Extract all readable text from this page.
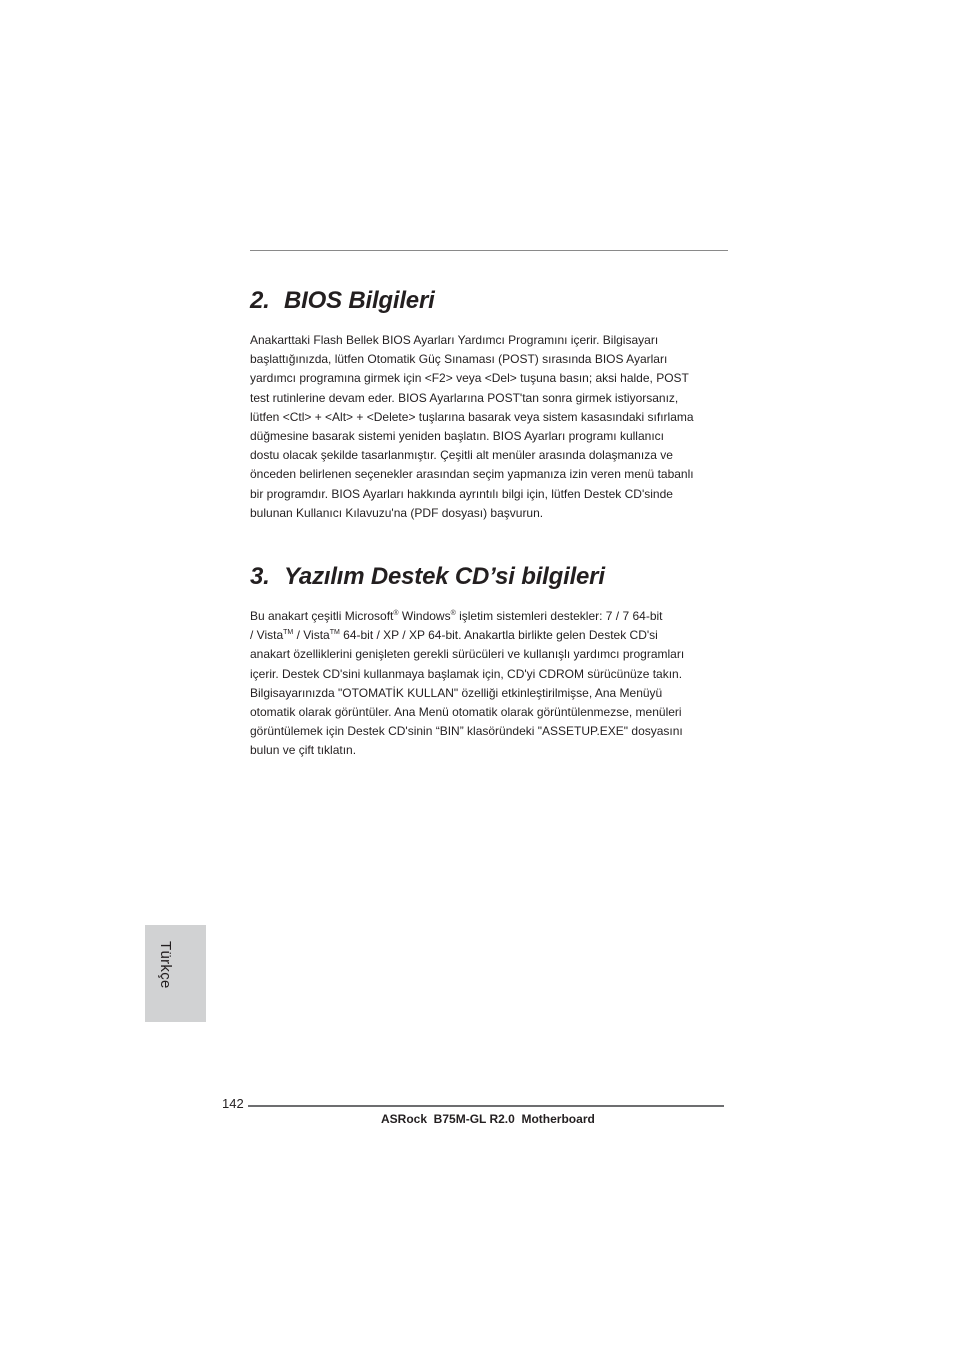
2. BIOS Bilgileri
Anakarttaki Flash Bellek BIOS Ayarları Yardımcı Programını içerir. Bilgisayarı
başlattığınızda, lütfen Otomatik Güç Sınaması (POST) sırasında BIOS Ayarları
yardımcı programına girmek için <F2> veya <Del> tuşuna basın; aksi halde, POST
test rutinlerine devam eder. BIOS Ayarlarına POST'tan sonra girmek istiyorsanız,
lütfen <Ctl> + <Alt> + <Delete> tuşlarına basarak veya sistem kasasındaki sıfırlama
düğmesine basarak sistemi yeniden başlatın. BIOS Ayarları programı kullanıcı
dostu olacak şekilde tasarlanmıştır. Çeşitli alt menüler arasında dolaşmanıza ve
önceden belirlenen seçenekler arasından seçim yapmanıza izin veren menü tabanlı
bir programdır. BIOS Ayarları hakkında ayrıntılı bilgi için, lütfen Destek CD'sinde
bulunan Kullanıcı Kılavuzu'na (PDF dosyası) başvurun.
3. Yazılım Destek CD’si bilgileri
Bu anakart çeşitli Microsoft® Windows® işletim sistemleri destekler: 7 / 7 64-bit
/ Vista™ / Vista™ 64-bit / XP / XP 64-bit. Anakartla birlikte gelen Destek CD'si
anakart özelliklerini genişleten gerekli sürücüleri ve kullanışlı yardımcı programları
içerir. Destek CD'sini kullanmaya başlamak için, CD'yi CDROM sürücünüze takın.
Bilgisayarınızda "OTOMATİK KULLAN" özelliği etkinleştirilmişse, Ana Menüyü
otomatik olarak görüntüler. Ana Menü otomatik olarak görüntülenmezse, menüleri
görüntülemek için Destek CD'sinin “BIN” klasöründeki "ASSETUP.EXE" dosyasını
bulun ve çift tıklatın.
Türkçe
142
ASRock  B75M-GL R2.0  Motherboard
